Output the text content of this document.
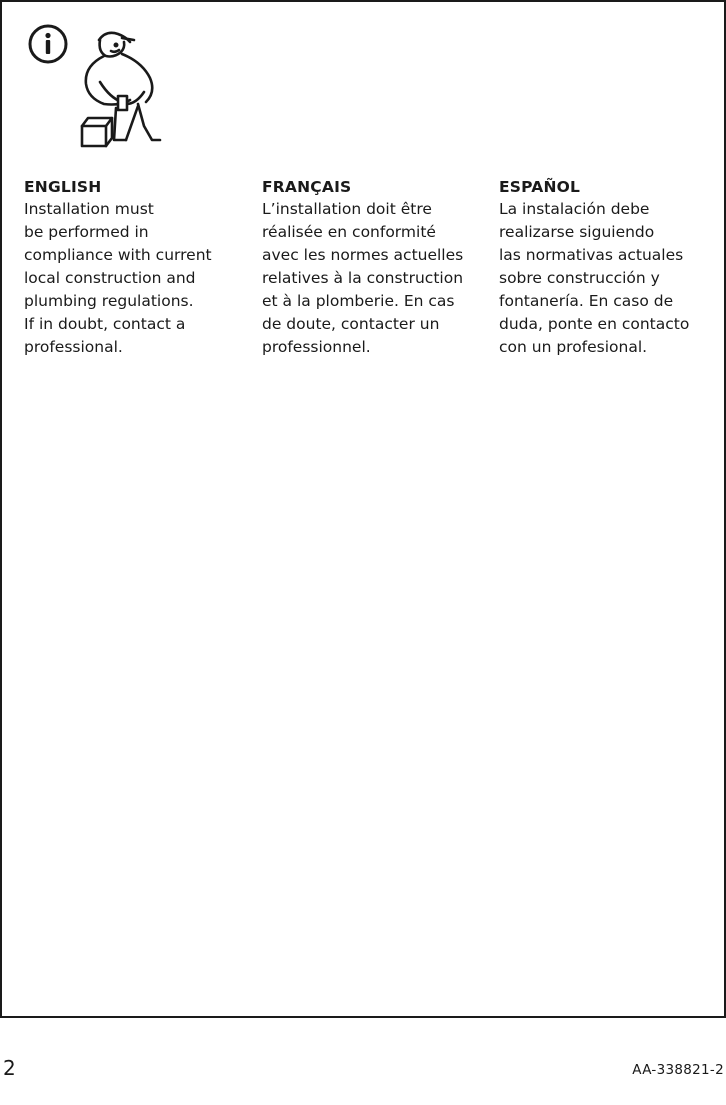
ENGLISH

Installation must
be performed in
compliance with current
local construction and
plumbing regulations.
If in doubt, contact a
professional.

FRANÇAIS

L’installation doit être
réalisée en conformité
avec les normes actuelles
relatives à la construction
et à la plomberie. En cas
de doute, contacter un
professionnel.

ESPAÑOL

La instalación debe
realizarse siguiendo
las normativas actuales
sobre construcción y
fontanería. En caso de
duda, ponte en contacto
con un profesional.

2	AA-338821-2
